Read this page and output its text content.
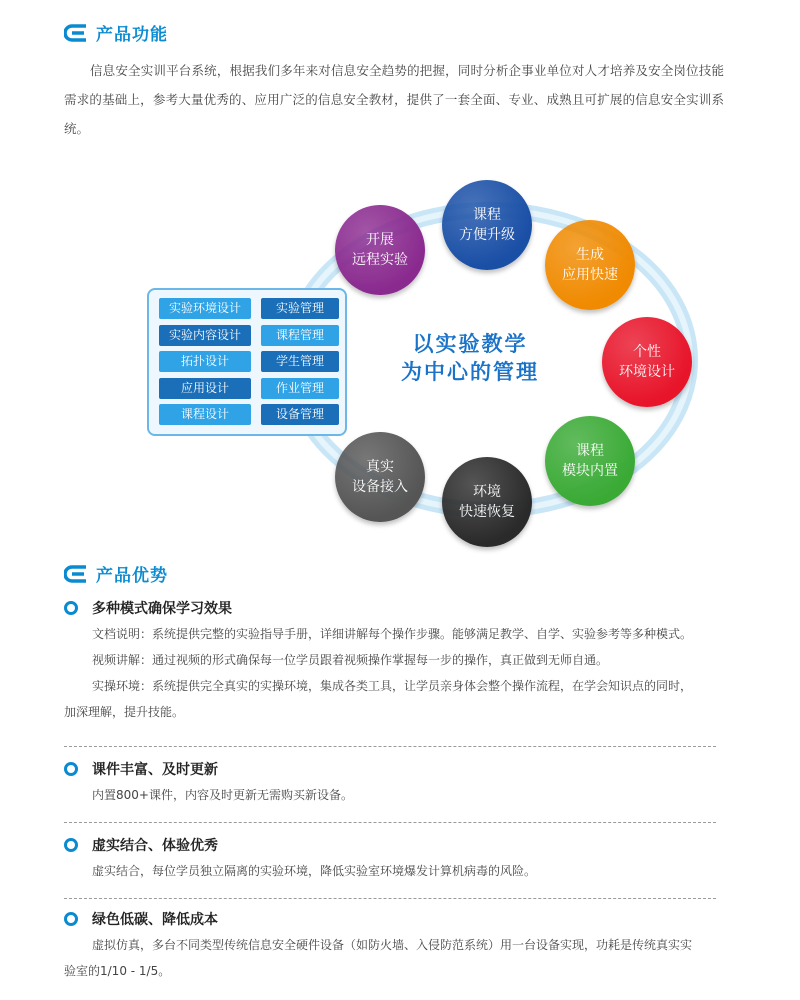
产品功能

信息安全实训平台系统，根据我们多年来对信息安全趋势的把握，同时分析企事业单位对人才培养及安全岗位技能需求的基础上，参考大量优秀的、应用广泛的信息安全教材，提供了一套全面、专业、成熟且可扩展的信息安全实训系统。

实验环境设计	实验管理
实验内容设计	课程管理
拓扑设计	学生管理
应用设计	作业管理
课程设计	设备管理
以实验教学
为中心的管理
课程
方便升级
生成
应用快速
个性
环境设计
课程
模块内置
环境
快速恢复
真实
设备接入
开展
远程实验
产品优势
多种模式确保学习效果
文档说明：系统提供完整的实验指导手册，详细讲解每个操作步骤。能够满足教学、自学、实验参考等多种模式。
视频讲解：通过视频的形式确保每一位学员跟着视频操作掌握每一步的操作，真正做到无师自通。
实操环境：系统提供完全真实的实操环境，集成各类工具，让学员亲身体会整个操作流程，在学会知识点的同时，
加深理解，提升技能。
课件丰富、及时更新
内置800+课件，内容及时更新无需购买新设备。
虚实结合、体验优秀
虚实结合，每位学员独立隔离的实验环境，降低实验室环境爆发计算机病毒的风险。
绿色低碳、降低成本
虚拟仿真，多台不同类型传统信息安全硬件设备（如防火墙、入侵防范系统）用一台设备实现，功耗是传统真实实
验室的1/10 - 1/5。
